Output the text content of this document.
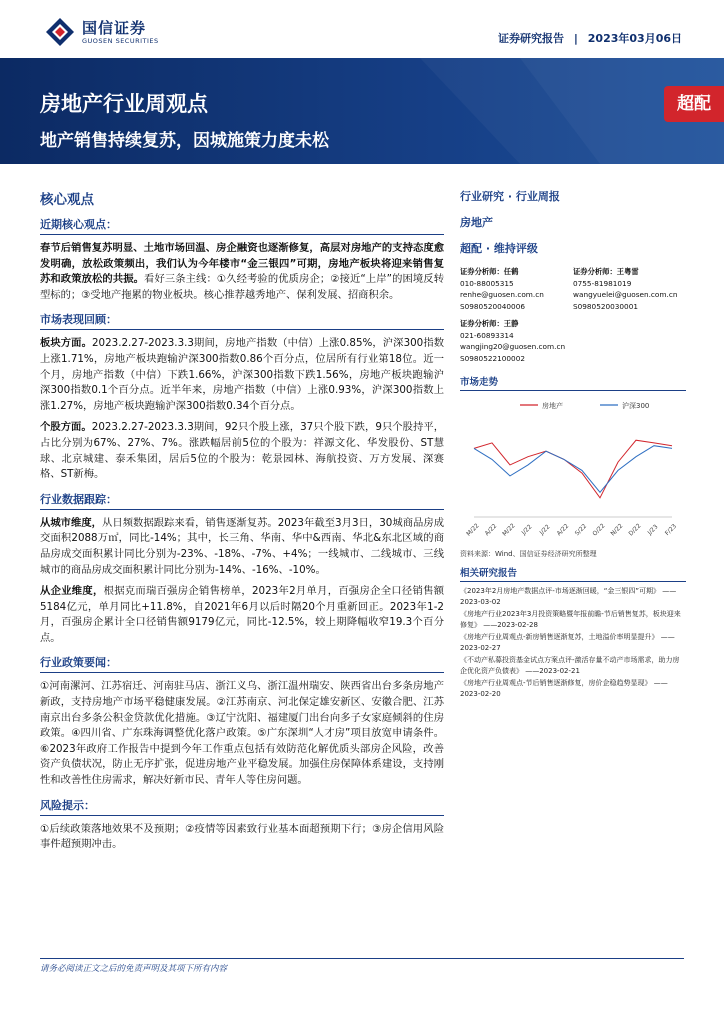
国信证券
GUOSEN SECURITIES	证券研究报告 | 2023年03月06日
房地产行业周观点
地产销售持续复苏，因城施策力度未松
超配
核心观点
近期核心观点：
春节后销售复苏明显、土地市场回温、房企融资也逐渐修复，高层对房地产的支持态度愈发明确，放松政策频出，我们认为今年楼市“金三银四”可期，房地产板块将迎来销售复苏和政策放松的共振。看好三条主线：①久经考验的优质房企；②接近“上岸”的困境反转型标的；③受地产拖累的物业板块。核心推荐越秀地产、保利发展、招商积余。
市场表现回顾：
板块方面。2023.2.27-2023.3.3期间，房地产指数（中信）上涨0.85%，沪深300指数上涨1.71%，房地产板块跑输沪深300指数0.86个百分点，位居所有行业第18位。近一个月，房地产指数（中信）下跌1.66%，沪深300指数下跌1.56%，房地产板块跑输沪深300指数0.1个百分点。近半年来，房地产指数（中信）上涨0.93%，沪深300指数上涨1.27%，房地产板块跑输沪深300指数0.34个百分点。
个股方面。2023.2.27-2023.3.3期间，92只个股上涨，37只个股下跌，9只个股持平，占比分别为67%、27%、7%。涨跌幅居前5位的个股为：祥源文化、华发股份、ST慧球、北京城建、泰禾集团，居后5位的个股为：乾景园林、海航投资、万方发展、深赛格、ST新梅。
行业数据跟踪：
从城市维度，从日频数据跟踪来看，销售逐渐复苏。2023年截至3月3日，30城商品房成交面积2088万㎡，同比-14%；其中，长三角、华南、华中&西南、华北&东北区域的商品房成交面积累计同比分别为-23%、-18%、-7%、+4%；一线城市、二线城市、三线城市的商品房成交面积累计同比分别为-14%、-16%、-10%。
从企业维度，根据克而瑞百强房企销售榜单，2023年2月单月，百强房企全口径销售额5184亿元，单月同比+11.8%，自2021年6月以后时隔20个月重新回正。2023年1-2月，百强房企累计全口径销售额9179亿元，同比-12.5%，较上期降幅收窄19.3个百分点。
行业政策要闻：
①河南漯河、江苏宿迁、河南驻马店、浙江义乌、浙江温州瑞安、陕西省出台多条房地产新政，支持房地产市场平稳健康发展。②江苏南京、河北保定雄安新区、安徽合肥、江苏南京出台多条公积金贷款优化措施。③辽宁沈阳、福建厦门出台向多子女家庭倾斜的住房政策。④四川省、广东珠海调整优化落户政策。⑤广东深圳“人才房”项目放宽申请条件。⑥2023年政府工作报告中提到今年工作重点包括有效防范化解优质头部房企风险，改善资产负债状况，防止无序扩张，促进房地产业平稳发展。加强住房保障体系建设，支持刚性和改善性住房需求，解决好新市民、青年人等住房问题。
风险提示：
①后续政策落地效果不及预期；②疫情等因素致行业基本面超预期下行；③房企信用风险事件超预期冲击。
行业研究 · 行业周报
房地产
超配 · 维持评级
证券分析师：任鹤
010-88005315
renhe@guosen.com.cn
S0980520040006
证券分析师：王粤雷
0755-81981019
wangyuelei@guosen.com.cn
S0980520030001
证券分析师：王静
021-60893314
wangjing20@guosen.com.cn
S0980522100002
市场走势
房地产	沪深300
M/22 A/22 M/22 J/22 J/22 A/22 S/22 O/22 N/22 D/22 J/23 F/23
资料来源：Wind、国信证券经济研究所整理
相关研究报告
《2023年2月房地产数据点评-市场逐渐回暖，“金三银四”可期》 ——2023-03-02
《房地产行业2023年3月投资策略暨年报前瞻-节后销售复苏，板块迎来修复》 ——2023-02-28
《房地产行业周观点-新房销售逐渐复苏，土地溢价率明显提升》 ——2023-02-27
《不动产私募投资基金试点方案点评-激活存量不动产市场需求，助力房企优化资产负债表》 ——2023-02-21
《房地产行业周观点-节后销售逐渐修复，房价企稳趋势显现》 ——2023-02-20
请务必阅读正文之后的免责声明及其项下所有内容
